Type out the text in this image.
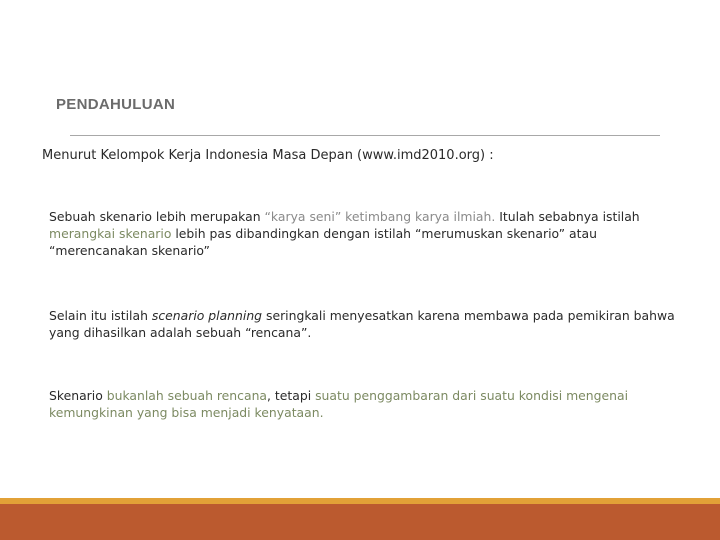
PENDAHULUAN
Menurut Kelompok Kerja Indonesia Masa Depan (www.imd2010.org) :
Sebuah skenario lebih merupakan “karya seni” ketimbang karya ilmiah. Itulah sebabnya istilah merangkai skenario lebih pas dibandingkan dengan istilah “merumuskan skenario” atau “merencanakan skenario”
Selain itu istilah scenario planning seringkali menyesatkan karena membawa pada pemikiran bahwa yang dihasilkan adalah sebuah “rencana”.
Skenario bukanlah sebuah rencana, tetapi suatu penggambaran dari suatu kondisi mengenai kemungkinan yang bisa menjadi kenyataan.
